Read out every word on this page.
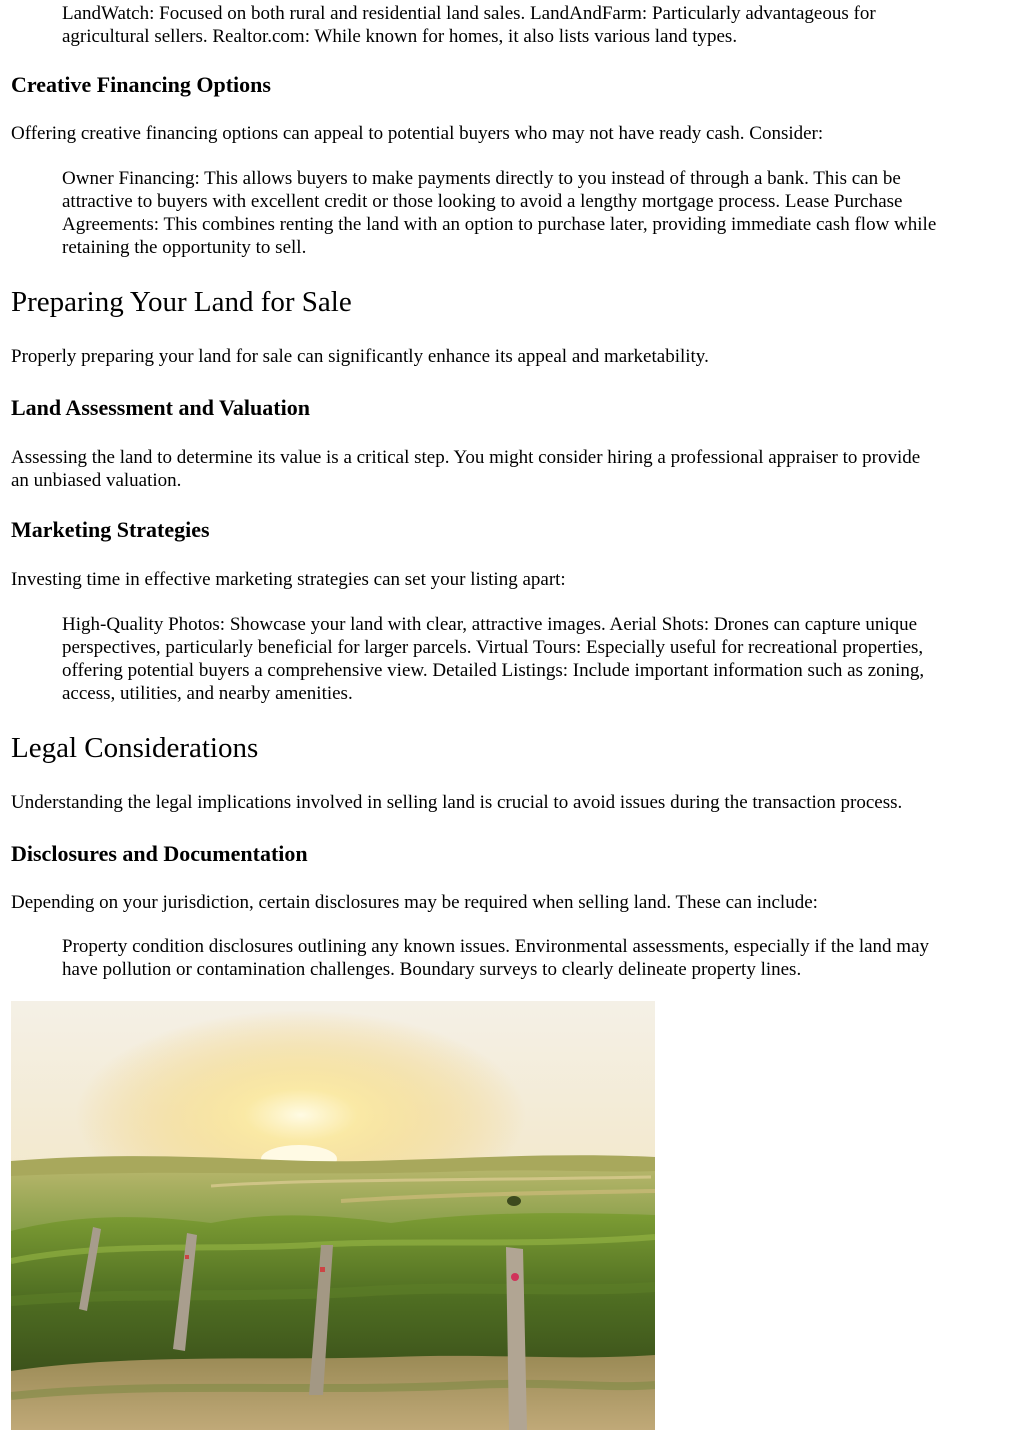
LandWatch: Focused on both rural and residential land sales. LandAndFarm: Particularly advantageous for
agricultural sellers. Realtor.com: While known for homes, it also lists various land types.
Creative Financing Options

Offering creative financing options can appeal to potential buyers who may not have ready cash. Consider:

Owner Financing: This allows buyers to make payments directly to you instead of through a bank. This can be
attractive to buyers with excellent credit or those looking to avoid a lengthy mortgage process. Lease Purchase
Agreements: This combines renting the land with an option to purchase later, providing immediate cash flow while
retaining the opportunity to sell.
Preparing Your Land for Sale

Properly preparing your land for sale can significantly enhance its appeal and marketability.

Land Assessment and Valuation
Assessing the land to determine its value is a critical step. You might consider hiring a professional appraiser to provide
an unbiased valuation.
Marketing Strategies

Investing time in effective marketing strategies can set your listing apart:

High-Quality Photos: Showcase your land with clear, attractive images. Aerial Shots: Drones can capture unique
perspectives, particularly beneficial for larger parcels. Virtual Tours: Especially useful for recreational properties,
offering potential buyers a comprehensive view. Detailed Listings: Include important information such as zoning,
access, utilities, and nearby amenities.
Legal Considerations

Understanding the legal implications involved in selling land is crucial to avoid issues during the transaction process.

Disclosures and Documentation

Depending on your jurisdiction, certain disclosures may be required when selling land. These can include:

Property condition disclosures outlining any known issues. Environmental assessments, especially if the land may
have pollution or contamination challenges. Boundary surveys to clearly delineate property lines.
